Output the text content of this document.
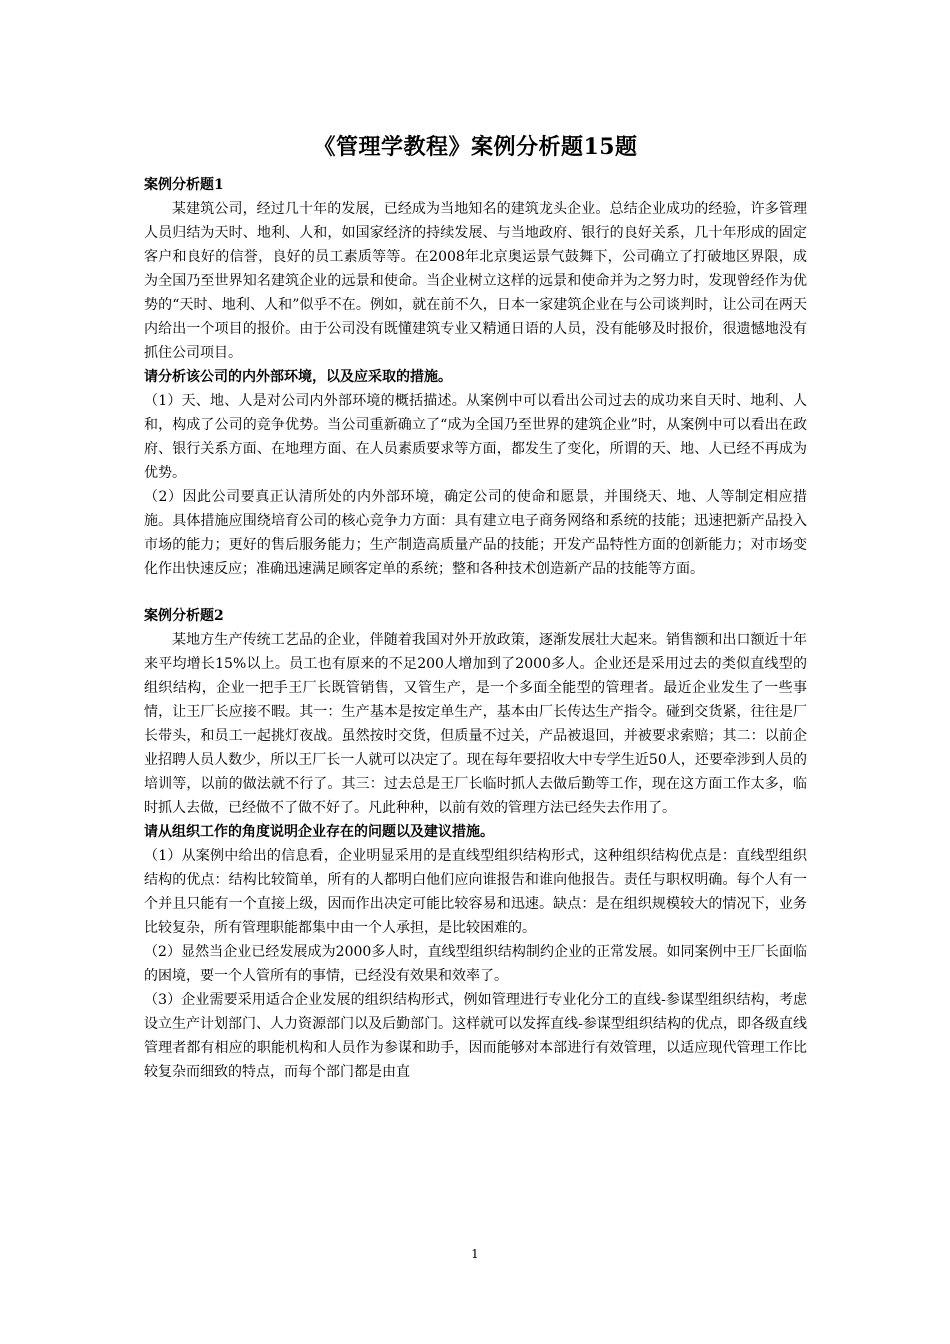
《管理学教程》案例分析题15题

案例分析题1

某建筑公司，经过几十年的发展，已经成为当地知名的建筑龙头企业。总结企业成功的经验，许多管理人员归结为天时、地利、人和，如国家经济的持续发展、与当地政府、银行的良好关系，几十年形成的固定客户和良好的信誉，良好的员工素质等等。在2008年北京奥运景气鼓舞下，公司确立了打破地区界限，成为全国乃至世界知名建筑企业的远景和使命。当企业树立这样的远景和使命并为之努力时，发现曾经作为优势的“天时、地利、人和”似乎不在。例如，就在前不久，日本一家建筑企业在与公司谈判时，让公司在两天内给出一个项目的报价。由于公司没有既懂建筑专业又精通日语的人员，没有能够及时报价，很遗憾地没有抓住公司项目。

请分析该公司的内外部环境，以及应采取的措施。

（1）天、地、人是对公司内外部环境的概括描述。从案例中可以看出公司过去的成功来自天时、地利、人和，构成了公司的竞争优势。当公司重新确立了“成为全国乃至世界的建筑企业”时，从案例中可以看出在政府、银行关系方面、在地理方面、在人员素质要求等方面，都发生了变化，所谓的天、地、人已经不再成为优势。

（2）因此公司要真正认清所处的内外部环境，确定公司的使命和愿景，并围绕天、地、人等制定相应措施。具体措施应围绕培育公司的核心竞争力方面：具有建立电子商务网络和系统的技能；迅速把新产品投入市场的能力；更好的售后服务能力；生产制造高质量产品的技能；开发产品特性方面的创新能力；对市场变化作出快速反应；准确迅速满足顾客定单的系统；整和各种技术创造新产品的技能等方面。

案例分析题2

某地方生产传统工艺品的企业，伴随着我国对外开放政策，逐渐发展壮大起来。销售额和出口额近十年来平均增长15%以上。员工也有原来的不足200人增加到了2000多人。企业还是采用过去的类似直线型的组织结构，企业一把手王厂长既管销售，又管生产，是一个多面全能型的管理者。最近企业发生了一些事情，让王厂长应接不暇。其一：生产基本是按定单生产，基本由厂长传达生产指令。碰到交货紧，往往是厂长带头，和员工一起挑灯夜战。虽然按时交货，但质量不过关，产品被退回，并被要求索赔；其二：以前企业招聘人员人数少，所以王厂长一人就可以决定了。现在每年要招收大中专学生近50人，还要牵涉到人员的培训等，以前的做法就不行了。其三：过去总是王厂长临时抓人去做后勤等工作，现在这方面工作太多，临时抓人去做，已经做不了做不好了。凡此种种，以前有效的管理方法已经失去作用了。

请从组织工作的角度说明企业存在的问题以及建议措施。

（1）从案例中给出的信息看，企业明显采用的是直线型组织结构形式，这种组织结构优点是：直线型组织结构的优点：结构比较简单，所有的人都明白他们应向谁报告和谁向他报告。责任与职权明确。每个人有一个并且只能有一个直接上级，因而作出决定可能比较容易和迅速。缺点：是在组织规模较大的情况下，业务比较复杂，所有管理职能都集中由一个人承担，是比较困难的。

（2）显然当企业已经发展成为2000多人时，直线型组织结构制约企业的正常发展。如同案例中王厂长面临的困境，要一个人管所有的事情，已经没有效果和效率了。

（3）企业需要采用适合企业发展的组织结构形式，例如管理进行专业化分工的直线-参谋型组织结构，考虑设立生产计划部门、人力资源部门以及后勤部门。这样就可以发挥直线-参谋型组织结构的优点，即各级直线管理者都有相应的职能机构和人员作为参谋和助手，因而能够对本部进行有效管理，以适应现代管理工作比较复杂而细致的特点，而每个部门都是由直

1
